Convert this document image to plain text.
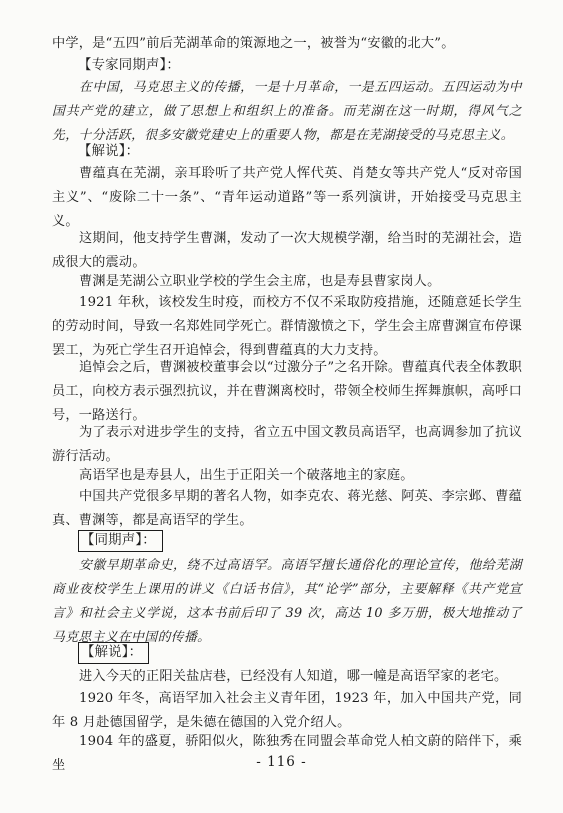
中学，是“五四”前后芜湖革命的策源地之一，被誉为“安徽的北大”。

【专家同期声】：

在中国，马克思主义的传播，一是十月革命，一是五四运动。五四运动为中国共产党的建立，做了思想上和组织上的准备。而芜湖在这一时期，得风气之先，十分活跃，很多安徽党建史上的重要人物，都是在芜湖接受的马克思主义。

【解说】：

曹蕴真在芜湖，亲耳聆听了共产党人恽代英、肖楚女等共产党人“反对帝国主义”、“废除二十一条”、“青年运动道路”等一系列演讲，开始接受马克思主义。

这期间，他支持学生曹渊，发动了一次大规模学潮，给当时的芜湖社会，造成很大的震动。

曹渊是芜湖公立职业学校的学生会主席，也是寿县曹家岗人。

1921 年秋，该校发生时疫，而校方不仅不采取防疫措施，还随意延长学生的劳动时间，导致一名郑姓同学死亡。群情激愤之下，学生会主席曹渊宣布停课罢工，为死亡学生召开追悼会，得到曹蕴真的大力支持。

追悼会之后，曹渊被校董事会以“过激分子”之名开除。曹蕴真代表全体教职员工，向校方表示强烈抗议，并在曹渊离校时，带领全校师生挥舞旗帜，高呼口号，一路送行。

为了表示对进步学生的支持，省立五中国文教员高语罕，也高调参加了抗议游行活动。

高语罕也是寿县人，出生于正阳关一个破落地主的家庭。

中国共产党很多早期的著名人物，如李克农、蒋光慈、阿英、李宗邺、曹蕴真、曹渊等，都是高语罕的学生。

【同期声】：

安徽早期革命史，绕不过高语罕。高语罕擅长通俗化的理论宣传，他给芜湖商业夜校学生上课用的讲义《白话书信》，其“论学”部分，主要解释《共产党宣言》和社会主义学说，这本书前后印了 39 次，高达 10 多万册，极大地推动了马克思主义在中国的传播。

【解说】：

进入今天的正阳关盐店巷，已经没有人知道，哪一幢是高语罕家的老宅。

1920 年冬，高语罕加入社会主义青年团，1923 年，加入中国共产党，同年 8 月赴德国留学，是朱德在德国的入党介绍人。

1904 年的盛夏，骄阳似火，陈独秀在同盟会革命党人柏文蔚的陪伴下，乘坐	- 116 -
